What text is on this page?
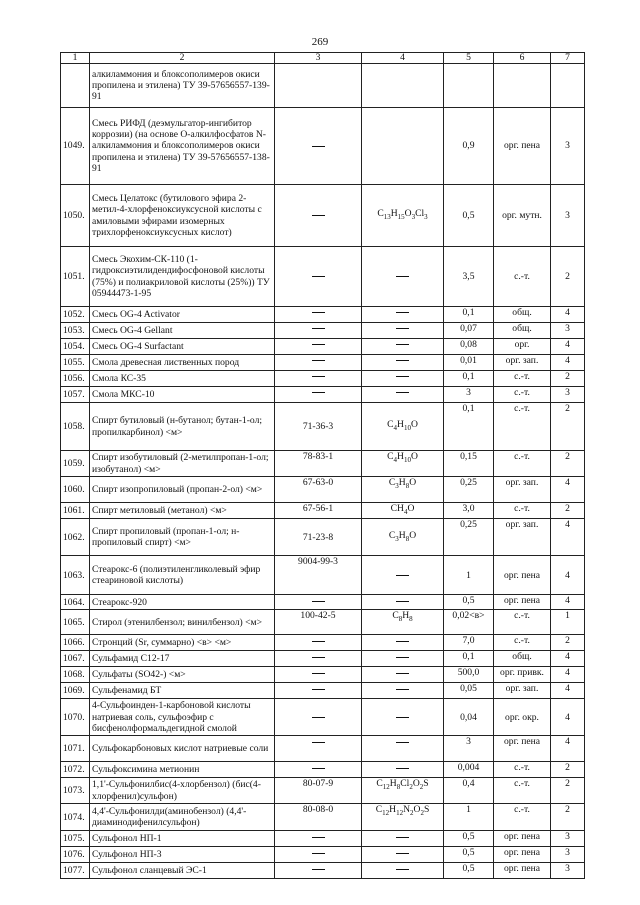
269
1	2	3	4	5	6	7
	алкиламмония и блоксополимеров окиси пропилена и этилена) ТУ 39-57656557-139-91					
1049.	Смесь РИФД (деэмульгатор-ингибитор коррозии) (на основе О-алкилфосфатов N-алкиламмония и блоксополимеров окиси пропилена и этилена) ТУ 39-57656557-138-91			0,9	орг. пена	3
1050.	Смесь Целатокс (бутилового эфира 2-метил-4-хлорфеноксиуксусной кислоты с амиловыми эфирами изомерных трихлорфеноксиуксусных кислот)		$C_{13}H_{15}O_3Cl_3$	0,5	орг. мутн.	3
1051.	Смесь Экохим-СК-110 (1-гидроксиэтилидендифосфоновой кислоты (75%) и полиакриловой кислоты (25%)) ТУ 05944473-1-95			3,5	с.-т.	2
1052.	Смесь OG-4 Activator			0,1	общ.	4
1053.	Смесь OG-4 Gellant			0,07	общ.	3
1054.	Смесь OG-4 Surfactant			0,08	орг.	4
1055.	Смола древесная лиственных пород			0,01	орг. зап.	4
1056.	Смола КС-35			0,1	с.-т.	2
1057.	Смола МКС-10			3	с.-т.	3
1058.	Спирт бутиловый (н-бутанол; бутан-1-ол; пропилкарбинол) <м>	71-36-3	$C_4H_{10}O$	0,1	с.-т.	2
1059.	Спирт изобутиловый (2-метилпропан-1-ол; изобутанол) <м>	78-83-1	$C_4H_{10}O$	0,15	с.-т.	2
1060.	Спирт изопропиловый (пропан-2-ол) <м>	67-63-0	$C_3H_8O$	0,25	орг. зап.	4
1061.	Спирт метиловый (метанол) <м>	67-56-1	$CH_4O$	3,0	с.-т.	2
1062.	Спирт пропиловый (пропан-1-ол; н-пропиловый спирт) <м>	71-23-8	$C_3H_8O$	0,25	орг. зап.	4
1063.	Стеарокс-6 (полиэтиленгликолевый эфир стеариновой кислоты)	9004-99-3		1	орг. пена	4
1064.	Стеарокс-920			0,5	орг. пена	4
1065.	Стирол (этенилбензол; винилбензол) <м>	100-42-5	$C_8H_8$	0,02<в>	с.-т.	1
1066.	Стронций (Sr, суммарно) <в> <м>			7,0	с.-т.	2
1067.	Сульфамид С12-17			0,1	общ.	4
1068.	Сульфаты (SO42-) <м>			500,0	орг. привк.	4
1069.	Сульфенамид БТ			0,05	орг. зап.	4
1070.	4-Сульфоинден-1-карбоновой кислоты натриевая соль, сульфоэфир с бисфенолформальдегидной смолой			0,04	орг. окр.	4
1071.	Сульфокарбоновых кислот натриевые соли			3	орг. пена	4
1072.	Сульфоксимина метионин			0,004	с.-т.	2
1073.	1,1'-Сульфонилбис(4-хлорбензол) (бис(4-хлорфенил)сульфон)	80-07-9	$C_{12}H_8Cl_2O_2S$	0,4	с.-т.	2
1074.	4,4'-Сульфонилди(аминобензол) (4,4'-диаминодифенилсульфон)	80-08-0	$C_{12}H_{12}N_2O_2S$	1	с.-т.	2
1075.	Сульфонол НП-1			0,5	орг. пена	3
1076.	Сульфонол НП-3			0,5	орг. пена	3
1077.	Сульфонол сланцевый ЭС-1			0,5	орг. пена	3
